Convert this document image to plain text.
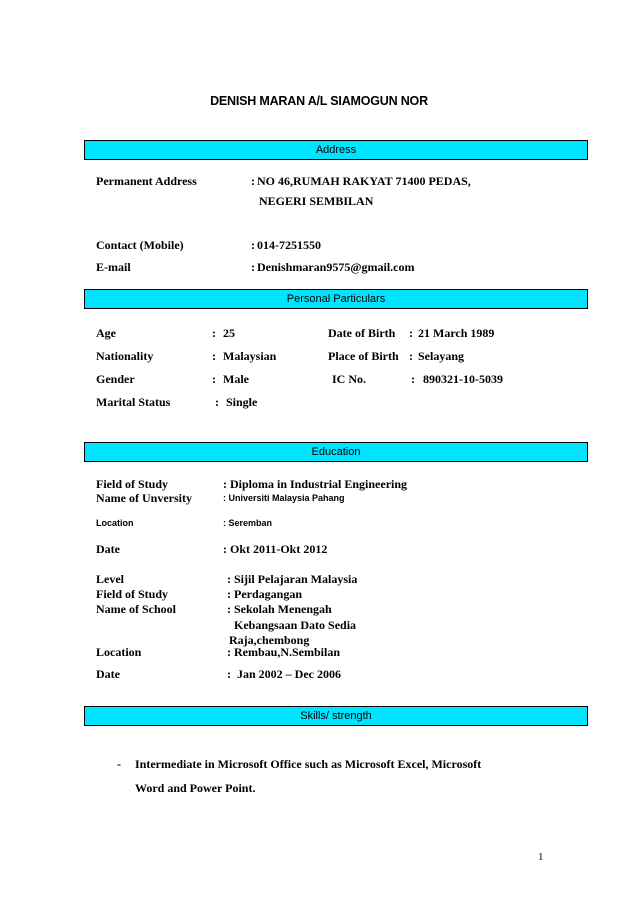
DENISH MARAN A/L SIAMOGUN NOR
Address
Permanent Address	: NO 46,RUMAH RAKYAT 71400 PEDAS,
NEGERI SEMBILAN
Contact (Mobile)	: 014-7251550
E-mail	: Denishmaran9575@gmail.com
Personal Particulars
Age	: 25	Date of Birth : 21 March 1989
Nationality	: Malaysian	Place of Birth : Selayang
Gender	: Male	IC No.	: 890321-10-5039
Marital Status	: Single
Education
Field of Study	: Diploma in Industrial Engineering
Name of Unversity	: Universiti Malaysia Pahang
Location	: Seremban
Date	: Okt 2011-Okt 2012
Level	: Sijil Pelajaran Malaysia
Field of Study	: Perdagangan
Name of School	: Sekolah Menengah
Kebangsaan Dato Sedia
Raja,chembong
Location	: Rembau,N.Sembilan
Date	: Jan 2002 – Dec 2006
Skills/ strength
- Intermediate in Microsoft Office such as Microsoft Excel, Microsoft
Word and Power Point.
1
